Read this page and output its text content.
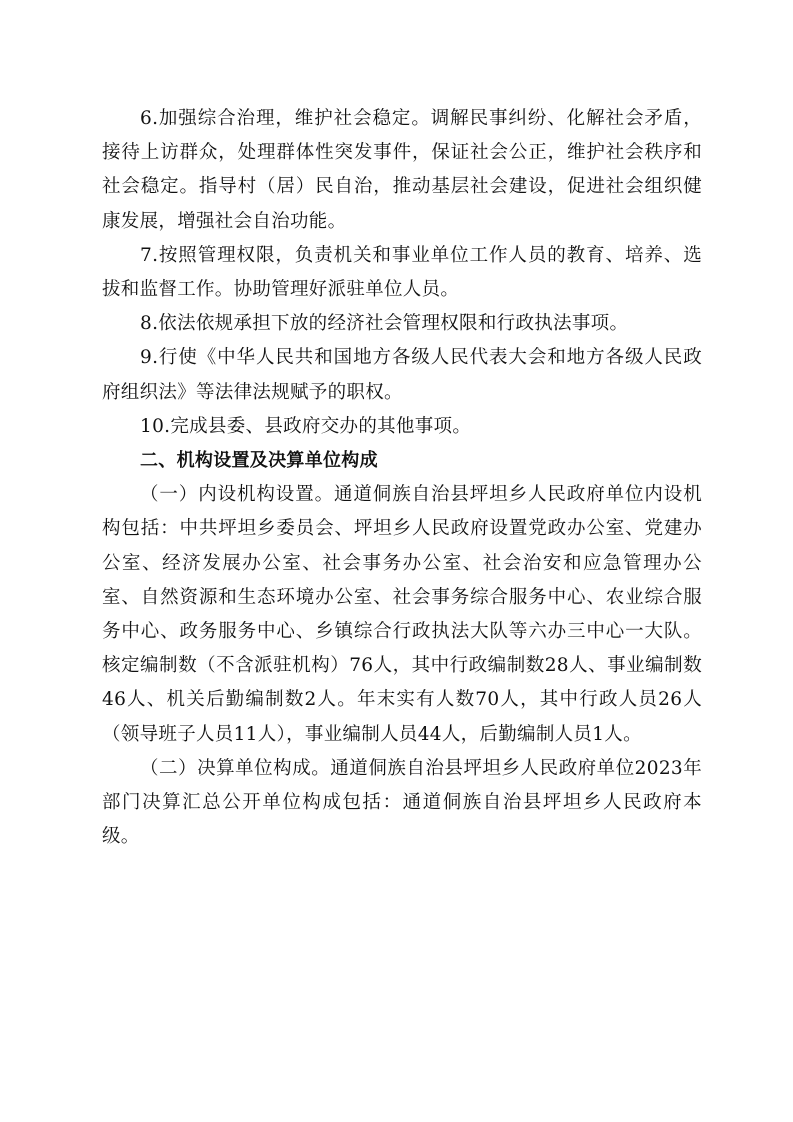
6.加强综合治理，维护社会稳定。调解民事纠纷、化解社会矛盾，接待上访群众，处理群体性突发事件，保证社会公正，维护社会秩序和社会稳定。指导村（居）民自治，推动基层社会建设，促进社会组织健康发展，增强社会自治功能。

7.按照管理权限，负责机关和事业单位工作人员的教育、培养、选拔和监督工作。协助管理好派驻单位人员。

8.依法依规承担下放的经济社会管理权限和行政执法事项。

9.行使《中华人民共和国地方各级人民代表大会和地方各级人民政府组织法》等法律法规赋予的职权。

10.完成县委、县政府交办的其他事项。

二、机构设置及决算单位构成

（一）内设机构设置。通道侗族自治县坪坦乡人民政府单位内设机构包括：中共坪坦乡委员会、坪坦乡人民政府设置党政办公室、党建办公室、经济发展办公室、社会事务办公室、社会治安和应急管理办公室、自然资源和生态环境办公室、社会事务综合服务中心、农业综合服务中心、政务服务中心、乡镇综合行政执法大队等六办三中心一大队。核定编制数（不含派驻机构）76人，其中行政编制数28人、事业编制数46人、机关后勤编制数2人。年末实有人数70人，其中行政人员26人（领导班子人员11人），事业编制人员44人，后勤编制人员1人。

（二）决算单位构成。通道侗族自治县坪坦乡人民政府单位2023年部门决算汇总公开单位构成包括：通道侗族自治县坪坦乡人民政府本级。
